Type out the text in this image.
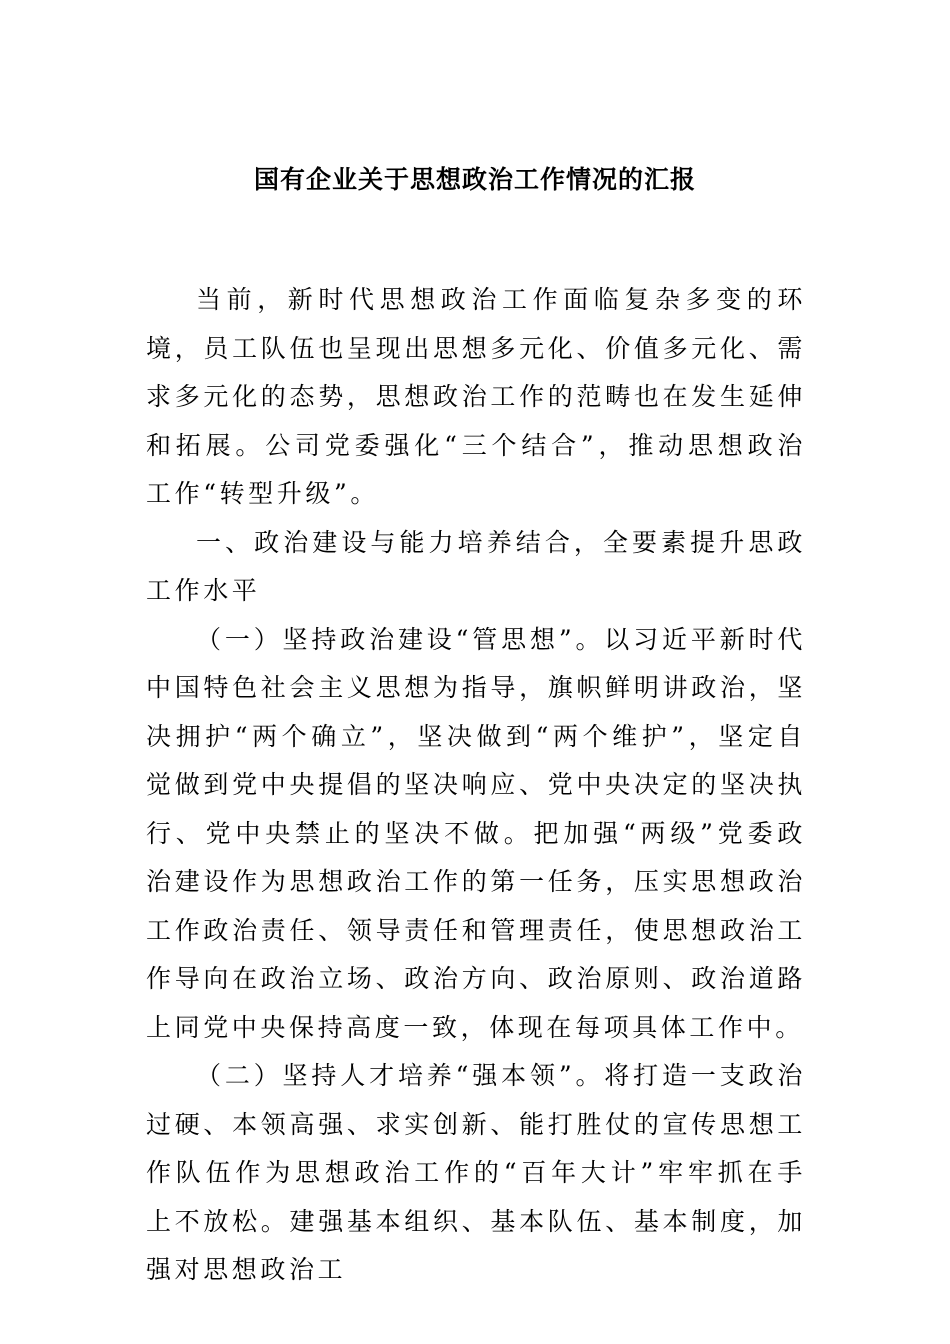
国有企业关于思想政治工作情况的汇报

当前，新时代思想政治工作面临复杂多变的环境，员工队伍也呈现出思想多元化、价值多元化、需求多元化的态势，思想政治工作的范畴也在发生延伸和拓展。公司党委强化“三个结合”，推动思想政治工作“转型升级”。

一、政治建设与能力培养结合，全要素提升思政工作水平

（一）坚持政治建设“管思想”。以习近平新时代中国特色社会主义思想为指导，旗帜鲜明讲政治，坚决拥护“两个确立”，坚决做到“两个维护”，坚定自觉做到党中央提倡的坚决响应、党中央决定的坚决执行、党中央禁止的坚决不做。把加强“两级”党委政治建设作为思想政治工作的第一任务，压实思想政治工作政治责任、领导责任和管理责任，使思想政治工作导向在政治立场、政治方向、政治原则、政治道路上同党中央保持高度一致，体现在每项具体工作中。

（二）坚持人才培养“强本领”。将打造一支政治过硬、本领高强、求实创新、能打胜仗的宣传思想工作队伍作为思想政治工作的“百年大计”牢牢抓在手上不放松。建强基本组织、基本队伍、基本制度，加强对思想政治工
